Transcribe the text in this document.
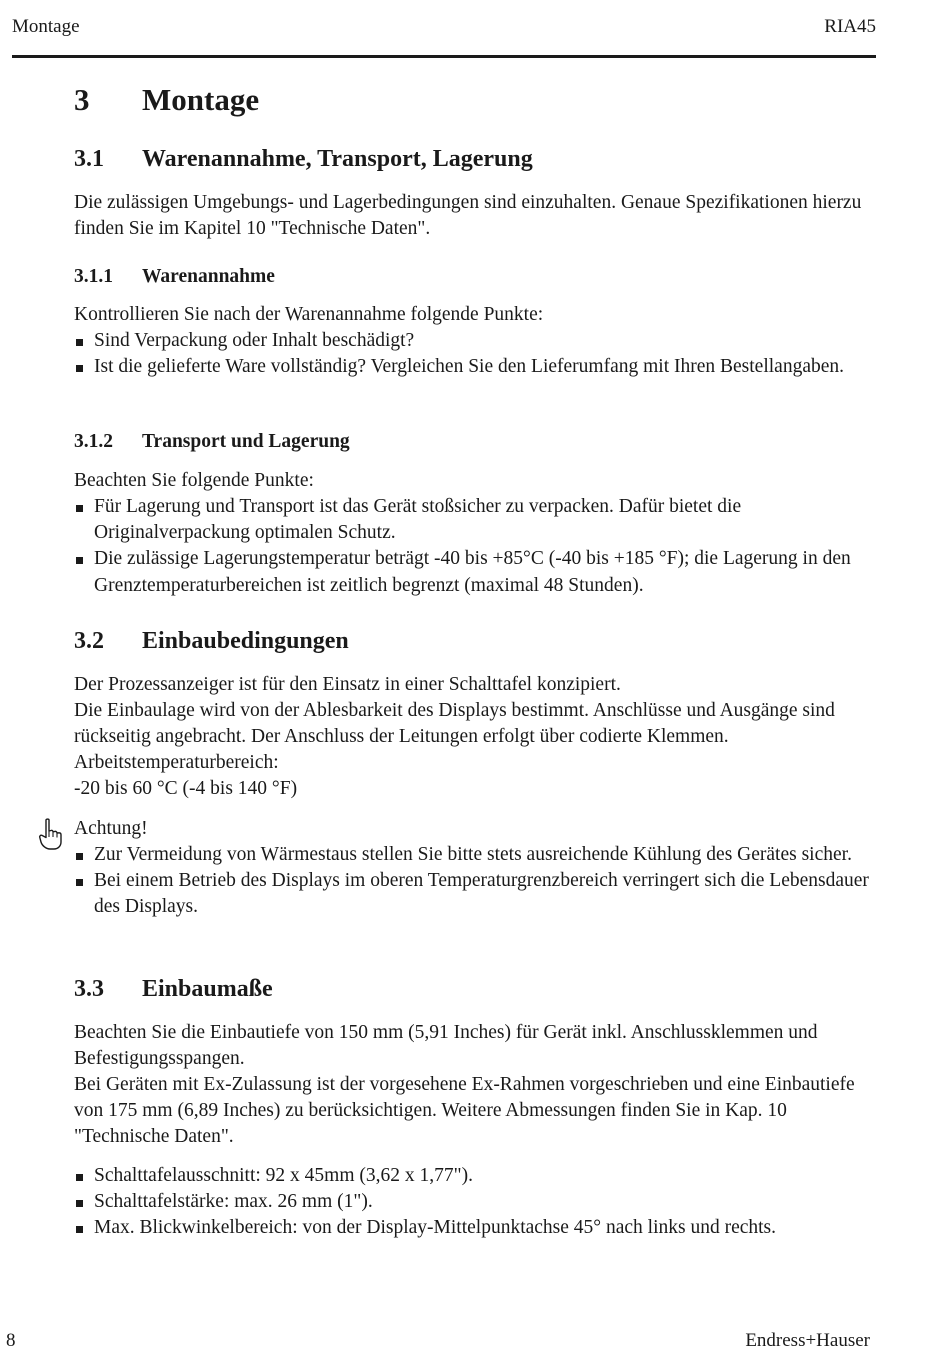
Montage	RIA45
3 Montage
3.1 Warenannahme, Transport, Lagerung
Die zulässigen Umgebungs- und Lagerbedingungen sind einzuhalten. Genaue Spezifikationen hierzu finden Sie im Kapitel 10 "Technische Daten".
3.1.1 Warenannahme
Kontrollieren Sie nach der Warenannahme folgende Punkte:
Sind Verpackung oder Inhalt beschädigt?
Ist die gelieferte Ware vollständig? Vergleichen Sie den Lieferumfang mit Ihren Bestellangaben.
3.1.2 Transport und Lagerung
Beachten Sie folgende Punkte:
Für Lagerung und Transport ist das Gerät stoßsicher zu verpacken. Dafür bietet die Originalverpackung optimalen Schutz.
Die zulässige Lagerungstemperatur beträgt -40 bis +85°C (-40 bis +185 °F); die Lagerung in den Grenztemperaturbereichen ist zeitlich begrenzt (maximal 48 Stunden).
3.2 Einbaubedingungen
Der Prozessanzeiger ist für den Einsatz in einer Schalttafel konzipiert.
Die Einbaulage wird von der Ablesbarkeit des Displays bestimmt. Anschlüsse und Ausgänge sind rückseitig angebracht. Der Anschluss der Leitungen erfolgt über codierte Klemmen.
Arbeitstemperaturbereich:
-20 bis 60 °C (-4 bis 140 °F)
Achtung!
Zur Vermeidung von Wärmestaus stellen Sie bitte stets ausreichende Kühlung des Gerätes sicher.
Bei einem Betrieb des Displays im oberen Temperaturgrenzbereich verringert sich die Lebensdauer des Displays.
3.3 Einbaumaße
Beachten Sie die Einbautiefe von 150 mm (5,91 Inches) für Gerät inkl. Anschlussklemmen und Befestigungsspangen.
Bei Geräten mit Ex-Zulassung ist der vorgesehene Ex-Rahmen vorgeschrieben und eine Einbautiefe von 175 mm (6,89 Inches) zu berücksichtigen. Weitere Abmessungen finden Sie in Kap. 10 "Technische Daten".
Schalttafelausschnitt: 92 x 45mm (3,62 x 1,77").
Schalttafelstärke: max. 26 mm (1").
Max. Blickwinkelbereich: von der Display-Mittelpunktachse 45° nach links und rechts.
8	Endress+Hauser
